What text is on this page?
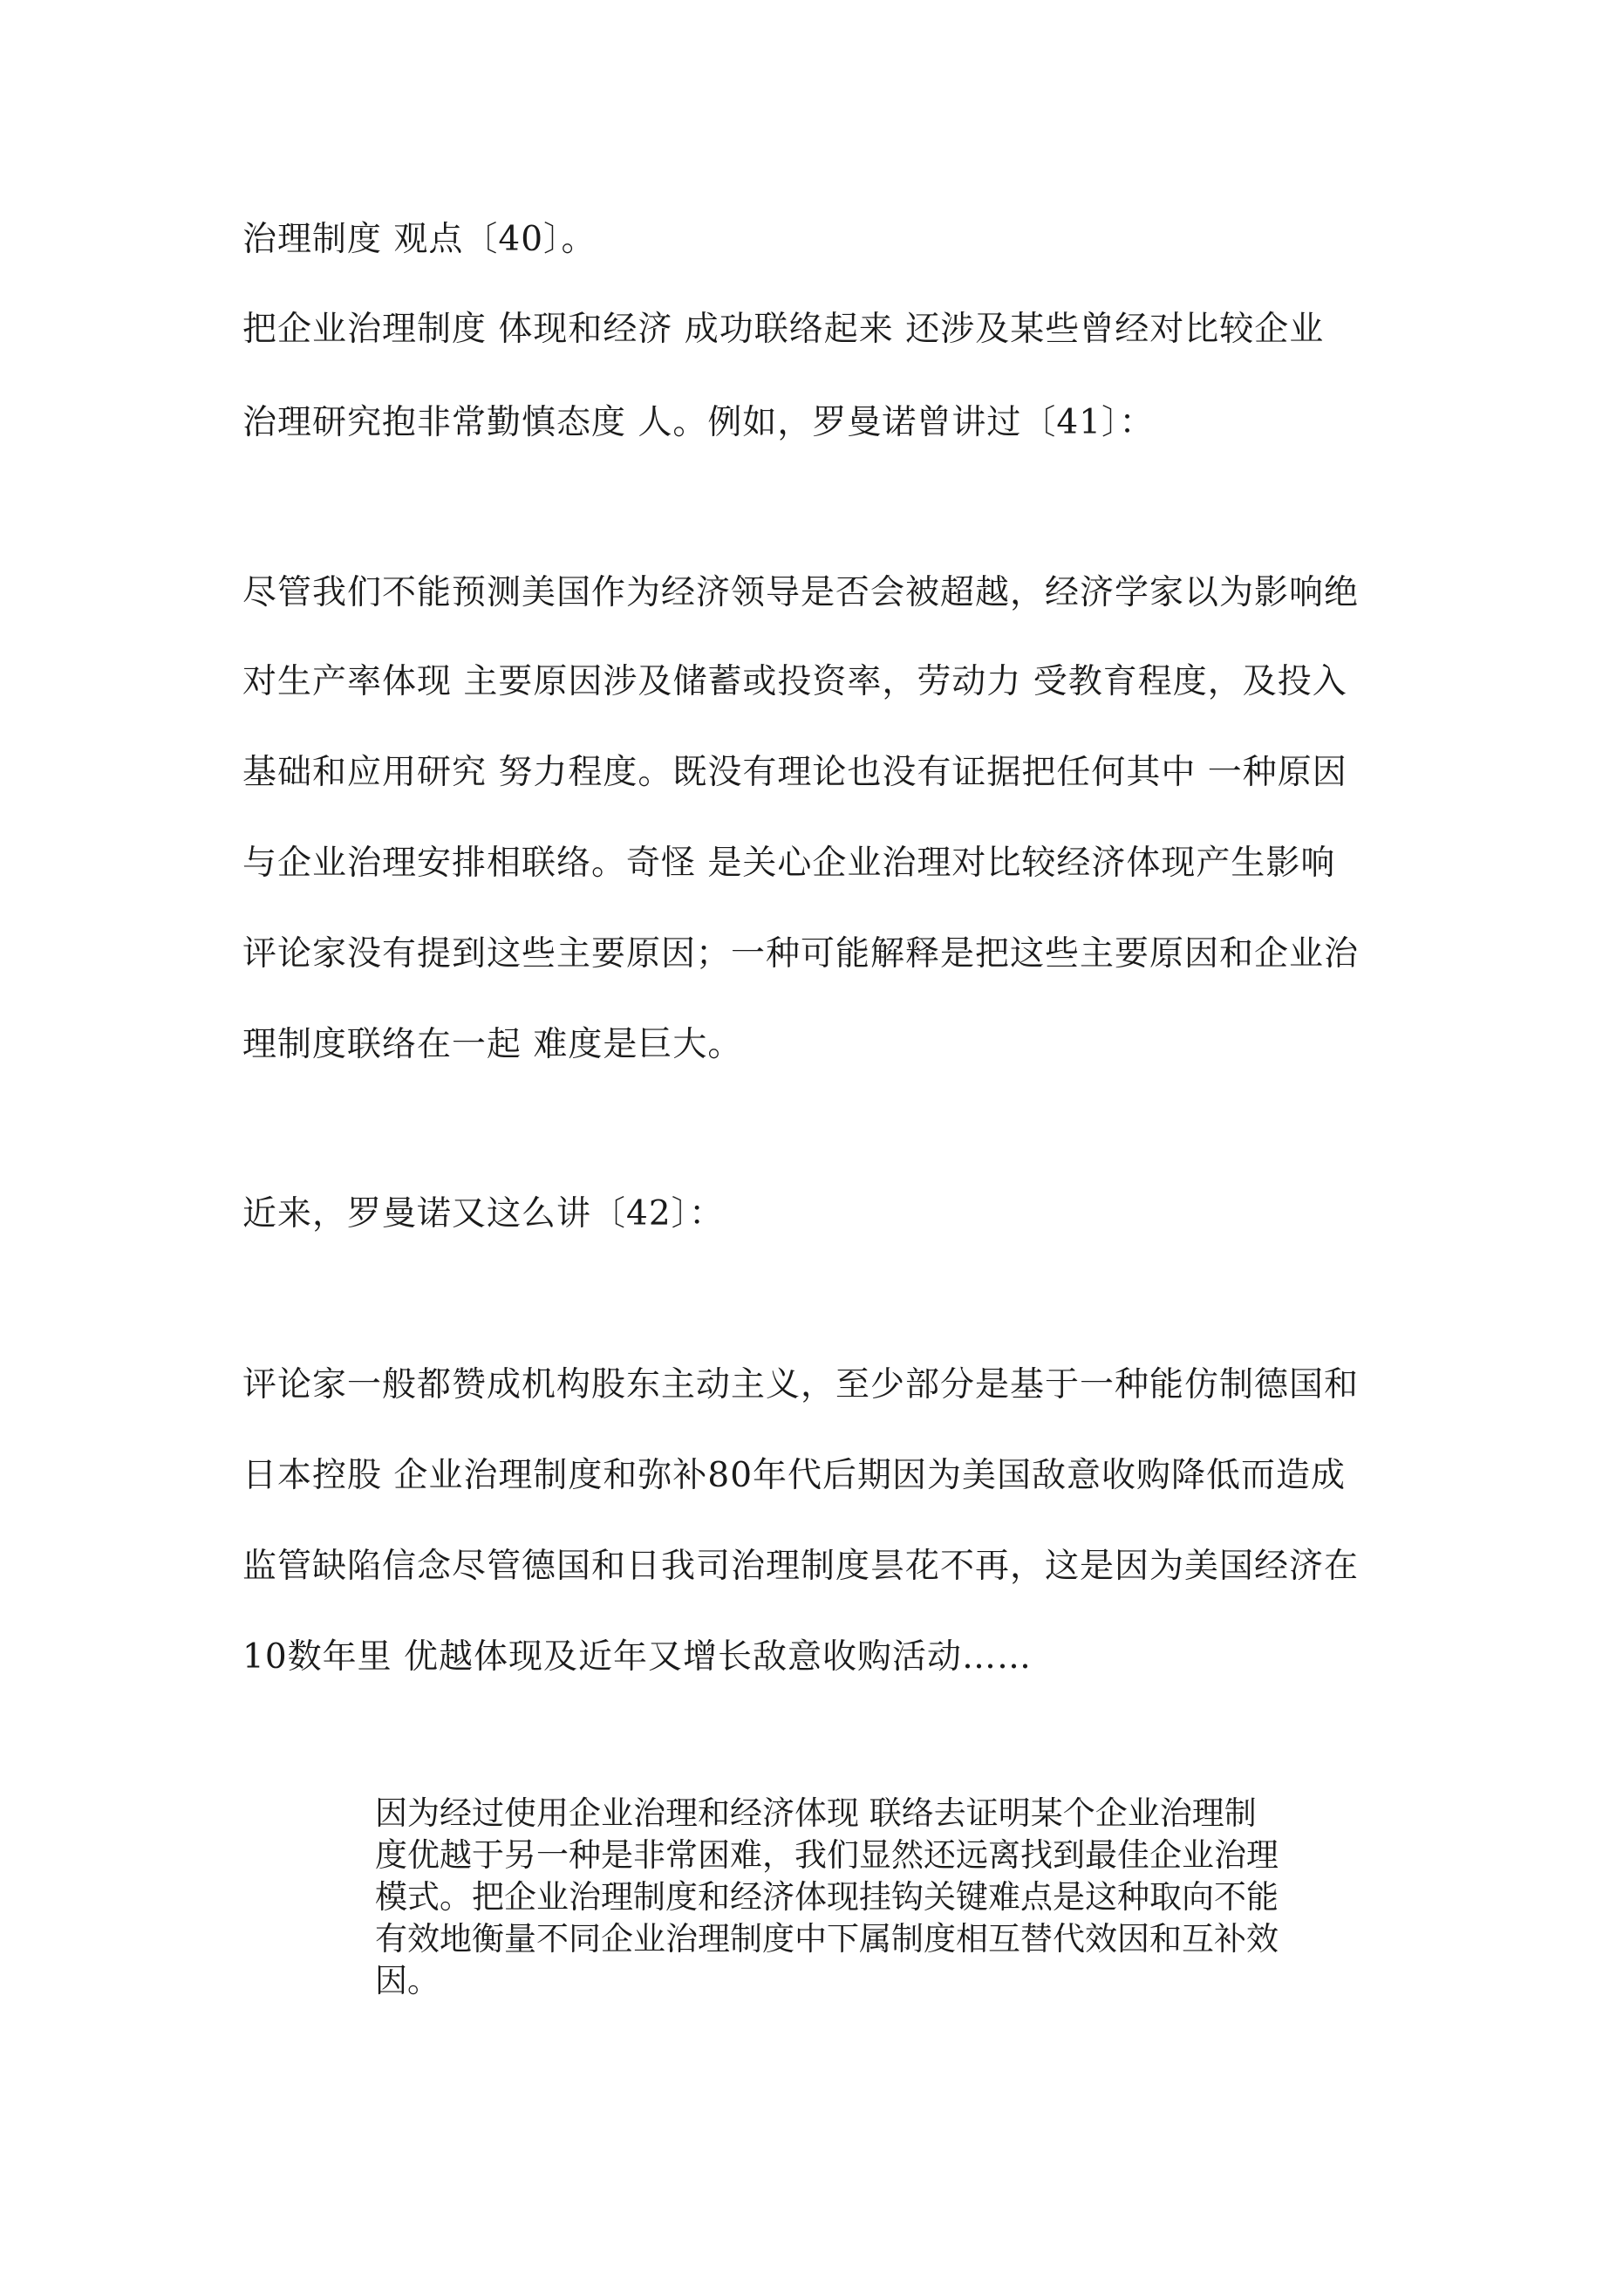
治理制度 观点〔40〕。
把企业治理制度 体现和经济 成功联络起来 还涉及某些曾经对比较企业
治理研究抱非常勤慎态度 人。例如，罗曼诺曾讲过〔41〕：
尽管我们不能预测美国作为经济领导是否会被超越，经济学家以为影响绝
对生产率体现 主要原因涉及储蓄或投资率，劳动力 受教育程度，及投入
基础和应用研究 努力程度。既没有理论也没有证据把任何其中 一种原因
与企业治理安排相联络。奇怪 是关心企业治理对比较经济体现产生影响
评论家没有提到这些主要原因；一种可能解释是把这些主要原因和企业治
理制度联络在一起 难度是巨大。
近来，罗曼诺又这么讲〔42〕：
评论家一般都赞成机构股东主动主义，至少部分是基于一种能仿制德国和
日本控股 企业治理制度和弥补80年代后期因为美国敌意收购降低而造成
监管缺陷信念尽管德国和日我司治理制度昙花不再，这是因为美国经济在
10数年里 优越体现及近年又增长敌意收购活动……
因为经过使用企业治理和经济体现 联络去证明某个企业治理制
度优越于另一种是非常困难，我们显然还远离找到最佳企业治理
模式。把企业治理制度和经济体现挂钩关键难点是这种取向不能
有效地衡量不同企业治理制度中下属制度相互替代效因和互补效
因。
